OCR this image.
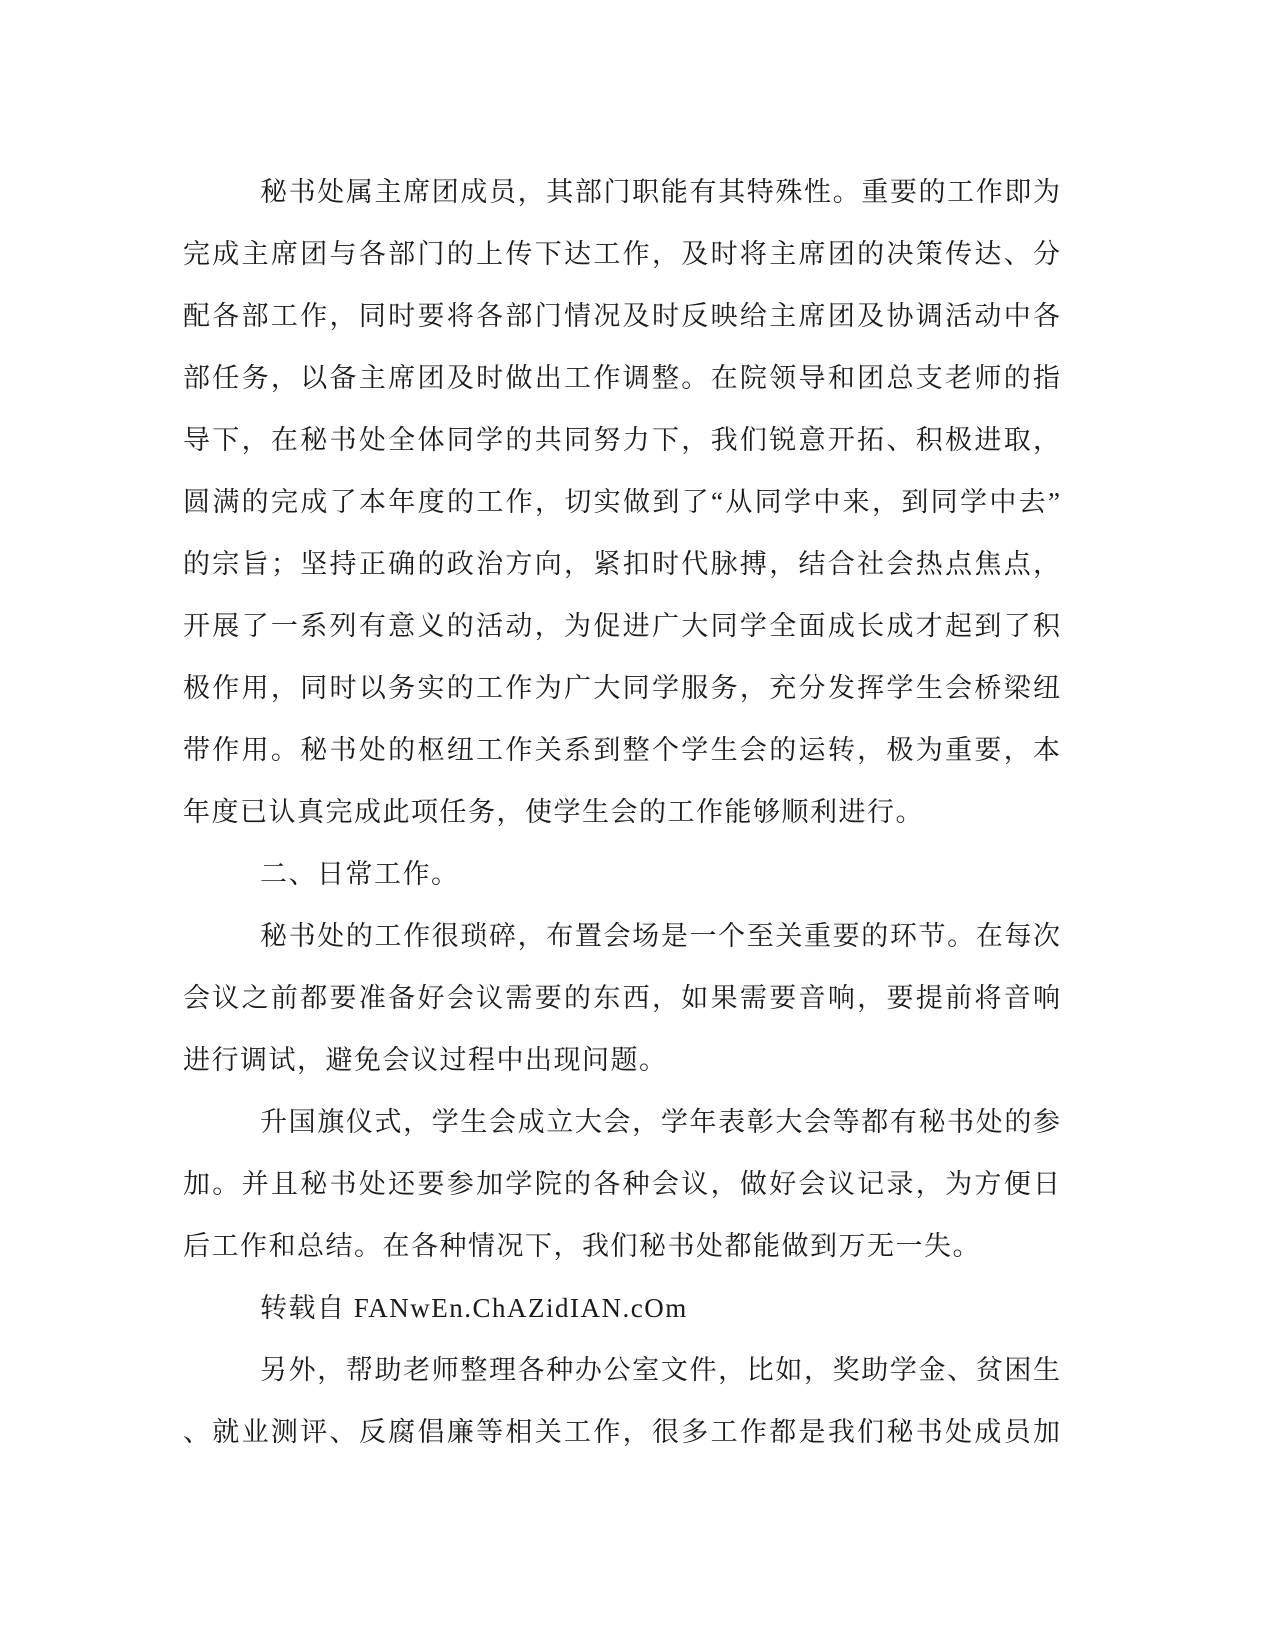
秘书处属主席团成员，其部门职能有其特殊性。重要的工作即为
完成主席团与各部门的上传下达工作，及时将主席团的决策传达、分
配各部工作，同时要将各部门情况及时反映给主席团及协调活动中各
部任务，以备主席团及时做出工作调整。在院领导和团总支老师的指
导下，在秘书处全体同学的共同努力下，我们锐意开拓、积极进取，
圆满的完成了本年度的工作，切实做到了“从同学中来，到同学中去”
的宗旨；坚持正确的政治方向，紧扣时代脉搏，结合社会热点焦点，
开展了一系列有意义的活动，为促进广大同学全面成长成才起到了积
极作用，同时以务实的工作为广大同学服务，充分发挥学生会桥梁纽
带作用。秘书处的枢纽工作关系到整个学生会的运转，极为重要，本
年度已认真完成此项任务，使学生会的工作能够顺利进行。
二、日常工作。
秘书处的工作很琐碎，布置会场是一个至关重要的环节。在每次
会议之前都要准备好会议需要的东西，如果需要音响，要提前将音响
进行调试，避免会议过程中出现问题。
升国旗仪式，学生会成立大会，学年表彰大会等都有秘书处的参
加。并且秘书处还要参加学院的各种会议，做好会议记录，为方便日
后工作和总结。在各种情况下，我们秘书处都能做到万无一失。
转载自 FANwEn.ChAZidIAN.cOm
另外，帮助老师整理各种办公室文件，比如，奖助学金、贫困生
、就业测评、反腐倡廉等相关工作，很多工作都是我们秘书处成员加
